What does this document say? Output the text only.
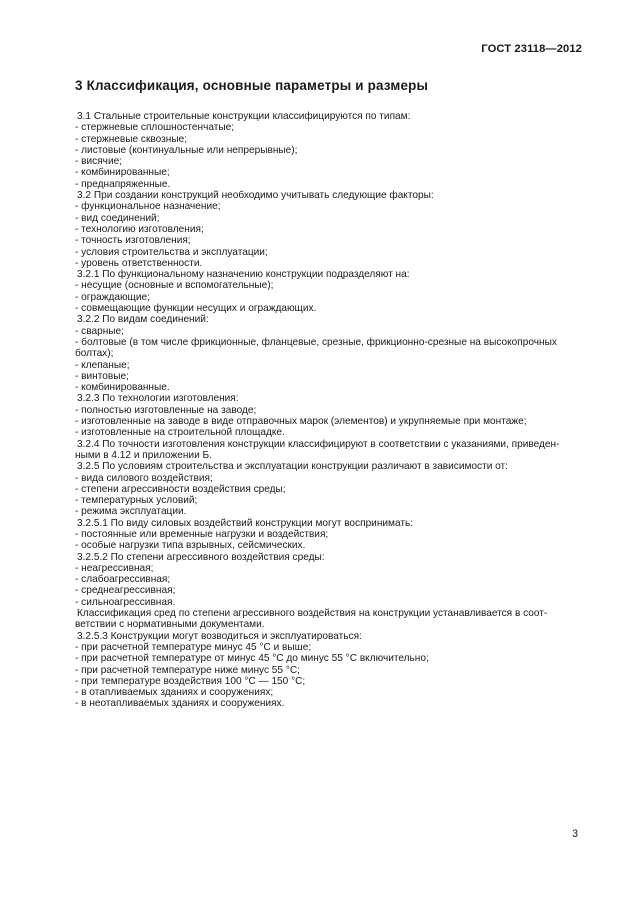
ГОСТ 23118—2012
3 Классификация, основные параметры и размеры
3.1 Стальные строительные конструкции классифицируются по типам:
- стержневые сплошностенчатые;
- стержневые сквозные;
- листовые (континуальные или непрерывные);
- висячие;
- комбинированные;
- преднапряженные.
3.2 При создании конструкций необходимо учитывать следующие факторы:
- функциональное назначение;
- вид соединений;
- технологию изготовления;
- точность изготовления;
- условия строительства и эксплуатации;
- уровень ответственности.
3.2.1 По функциональному назначению конструкции подразделяют на:
- несущие (основные и вспомогательные);
- ограждающие;
- совмещающие функции несущих и ограждающих.
3.2.2 По видам соединений:
- сварные;
- болтовые (в том числе фрикционные, фланцевые, срезные, фрикционно-срезные на высокопрочных
болтах);
- клепаные;
- винтовые;
- комбинированные.
3.2.3 По технологии изготовления:
- полностью изготовленные на заводе;
- изготовленные на заводе в виде отправочных марок (элементов) и укрупняемые при монтаже;
- изготовленные на строительной площадке.
3.2.4 По точности изготовления конструкции классифицируют в соответствии с указаниями, приведен-
ными в 4.12 и приложении Б.
3.2.5 По условиям строительства и эксплуатации конструкции различают в зависимости от:
- вида силового воздействия;
- степени агрессивности воздействия среды;
- температурных условий;
- режима эксплуатации.
3.2.5.1 По виду силовых воздействий конструкции могут воспринимать:
- постоянные или временные нагрузки и воздействия;
- особые нагрузки типа взрывных, сейсмических.
3.2.5.2 По степени агрессивного воздействия среды:
- неагрессивная;
- слабоагрессивная;
- среднеагрессивная;
- сильноагрессивная.
Классификация сред по степени агрессивного воздействия на конструкции устанавливается в соот-
ветствии с нормативными документами.
3.2.5.3 Конструкции могут возводиться и эксплуатироваться:
- при расчетной температуре минус 45 °С и выше;
- при расчетной температуре от минус 45 °С до минус 55 °С включительно;
- при расчетной температуре ниже минус 55 °С;
- при температуре воздействия 100 °С — 150 °С;
- в отапливаемых зданиях и сооружениях;
- в неотапливаемых зданиях и сооружениях.
3
